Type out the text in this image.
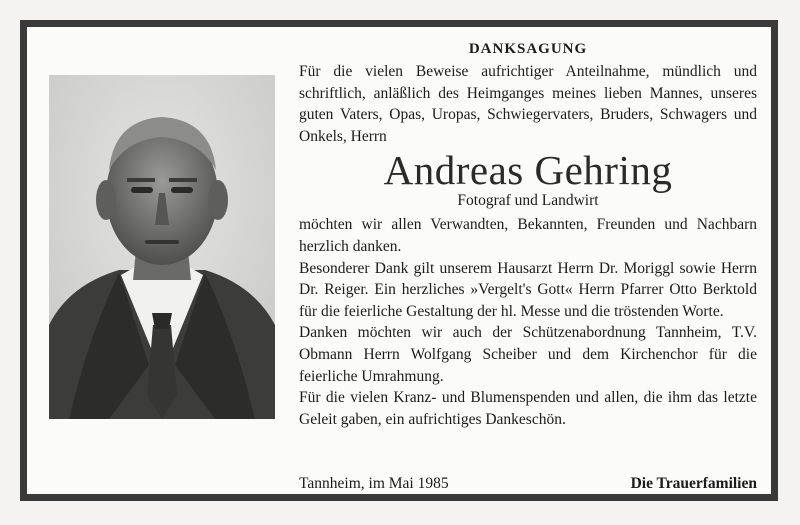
DANKSAGUNG

Für die vielen Beweise aufrichtiger Anteilnahme, mündlich und schriftlich, anläßlich des Heimganges meines lieben Mannes, unseres guten Vaters, Opas, Uropas, Schwiegervaters, Bruders, Schwagers und Onkels, Herrn

Andreas Gehring
Fotograf und Landwirt

möchten wir allen Verwandten, Bekannten, Freunden und Nachbarn herzlich danken.

Besonderer Dank gilt unserem Hausarzt Herrn Dr. Moriggl sowie Herrn Dr. Reiger. Ein herzliches »Vergelt's Gott« Herrn Pfarrer Otto Berktold für die feierliche Gestaltung der hl. Messe und die tröstenden Worte.

Danken möchten wir auch der Schützenabordnung Tannheim, T.V. Obmann Herrn Wolfgang Scheiber und dem Kirchenchor für die feierliche Umrahmung.

Für die vielen Kranz- und Blumenspenden und allen, die ihm das letzte Geleit gaben, ein aufrichtiges Dankeschön.

Tannheim, im Mai 1985	Die Trauerfamilien
